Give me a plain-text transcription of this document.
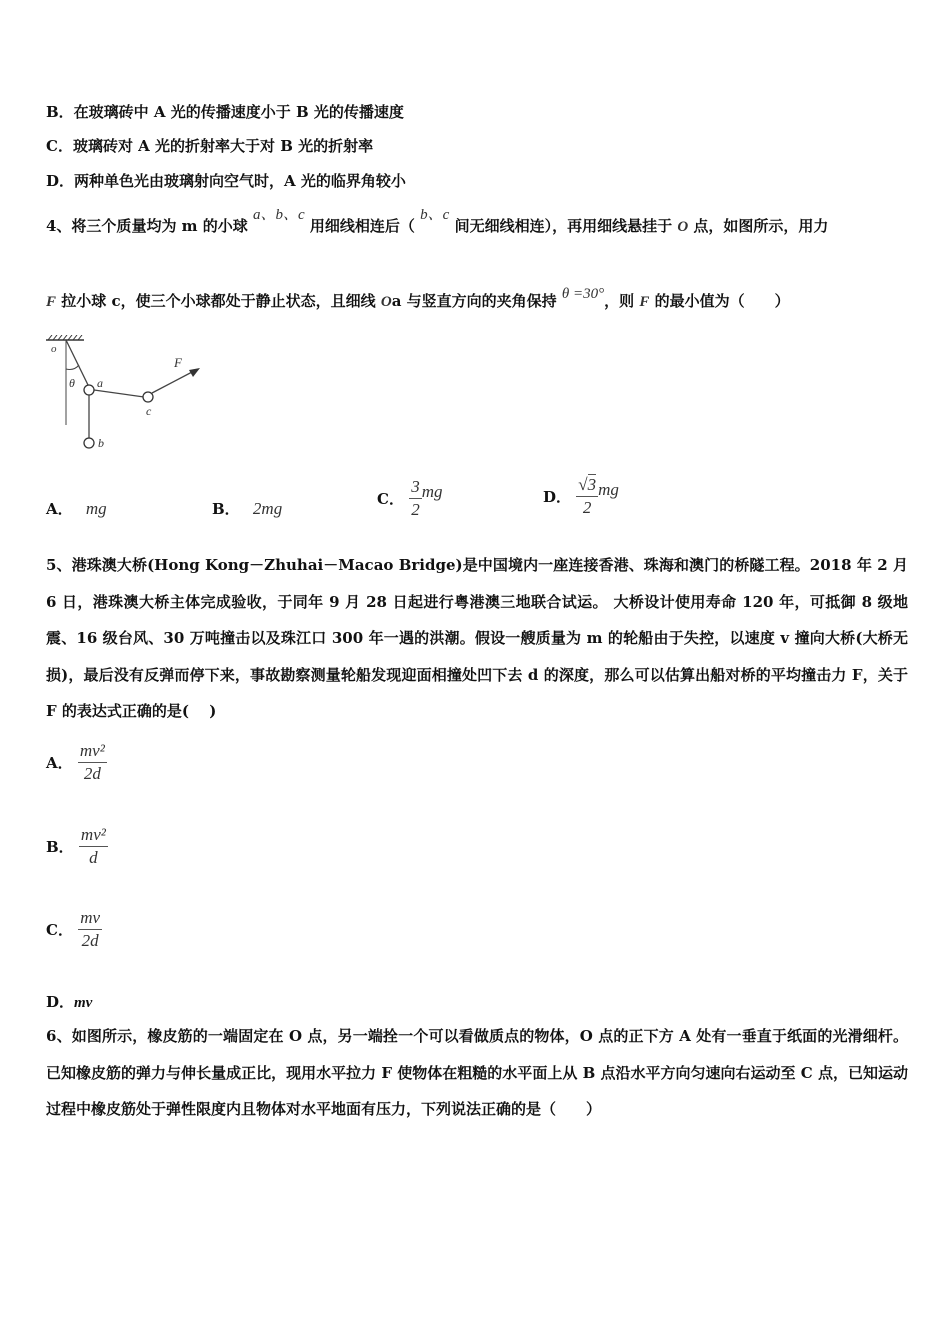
B．在玻璃砖中 A 光的传播速度小于 B 光的传播速度
C．玻璃砖对 A 光的折射率大于对 B 光的折射率
D．两种单色光由玻璃射向空气时，A 光的临界角较小
4、将三个质量均为 m 的小球 a、b、c 用细线相连后（ b、c 间无细线相连），再用细线悬挂于 O 点，如图所示，用力
F 拉小球 c，使三个小球都处于静止状态，且细线 Oa 与竖直方向的夹角保持 θ =30°，则 F 的最小值为（　　）
o
θ a
c
b
F
A． mg	B． 2mg	C． $\frac{3}{2}$ mg	D． $\frac{√3}{2}$ mg
5、港珠澳大桥(Hong Kong－Zhuhai－Macao Bridge)是中国境内一座连接香港、珠海和澳门的桥隧工程。2018 年 2 月 6 日，港珠澳大桥主体完成验收，于同年 9 月 28 日起进行粤港澳三地联合试运。 大桥设计使用寿命 120 年，可抵御 8 级地震、16 级台风、30 万吨撞击以及珠江口 300 年一遇的洪潮。假设一艘质量为 m 的轮船由于失控，以速度 v 撞向大桥(大桥无损)，最后没有反弹而停下来，事故勘察测量轮船发现迎面相撞处凹下去 d 的深度，那么可以估算出船对桥的平均撞击力 F，关于 F 的表达式正确的是(　 )
A． $\frac{\text{mv²}}{2d}$
B． $\frac{\text{mv²}}{d}$
C． $\frac{mv}{2d}$
D．mv
6、如图所示，橡皮筋的一端固定在 O 点，另一端拴一个可以看做质点的物体，O 点的正下方 A 处有一垂直于纸面的光滑细杆。已知橡皮筋的弹力与伸长量成正比，现用水平拉力 F 使物体在粗糙的水平面上从 B 点沿水平方向匀速向右运动至 C 点，已知运动过程中橡皮筋处于弹性限度内且物体对水平地面有压力，下列说法正确的是（　　）
